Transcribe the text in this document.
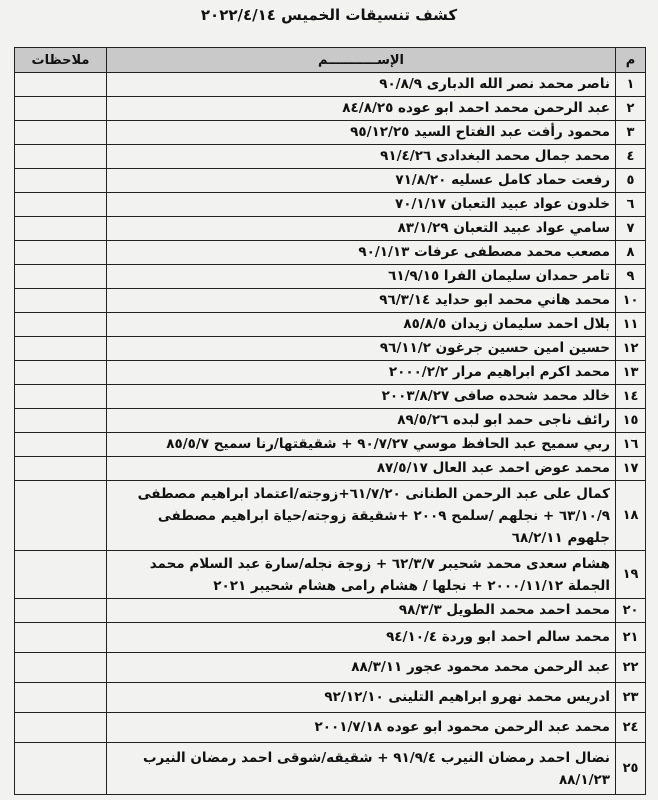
كشف تنسيقات الخميس ٢٠٢٢/٤/١٤
م	الإســـــــــــم	ملاحظات
١	ناصر محمد نصر الله الدبارى ٩٠/٨/٩	
٢	عبد الرحمن محمد احمد ابو عوده ٨٤/٨/٢٥	
٣	محمود رأفت عبد الفتاح السيد ٩٥/١٢/٢٥	
٤	محمد جمال محمد البغدادى ٩١/٤/٢٦	
٥	رفعت حماد كامل عسليه ٧١/٨/٢٠	
٦	خلدون عواد عبيد التعبان ٧٠/١/١٧	
٧	سامي عواد عبيد التعبان ٨٣/١/٢٩	
٨	مصعب محمد مصطفى عرفات ٩٠/١/١٣	
٩	تامر حمدان سليمان الفرا ٦١/٩/١٥	
١٠	محمد هاني محمد ابو حدايد ٩٦/٣/١٤	
١١	بلال احمد سليمان زيدان ٨٥/٨/٥	
١٢	حسين امين حسين جرغون ٩٦/١١/٢	
١٣	محمد اكرم ابراهيم مرار ٢٠٠٠/٢/٢	
١٤	خالد محمد شحده صافى ٢٠٠٣/٨/٢٧	
١٥	رائف ناجى حمد ابو لبده ٨٩/٥/٢٦	
١٦	ربي سميح عبد الحافظ موسي ٩٠/٧/٢٧ + شقيقتها/رنا سميح ٨٥/٥/٧	
١٧	محمد عوض احمد عبد العال ٨٧/٥/١٧	
١٨	كمال على عبد الرحمن الطنانى ٦١/٧/٢٠+زوجته/اعتماد ابراهيم مصطفى ٦٣/١٠/٩ + نجلهم /سلمح ٢٠٠٩ +شقيقة زوجته/حياة ابراهيم مصطفى جلهوم ٦٨/٢/١١	
١٩	هشام سعدى محمد شحيبر ٦٢/٣/٧ + زوجة نجله/سارة عبد السلام محمد الجملة ٢٠٠٠/١١/١٢ + نجلها / هشام رامى هشام شحيبر ٢٠٢١	
٢٠	محمد احمد محمد الطويل ٩٨/٣/٣	
٢١	محمد سالم احمد ابو وردة ٩٤/١٠/٤	
٢٢	عبد الرحمن محمد محمود عجور ٨٨/٣/١١	
٢٣	ادريس محمد نهرو ابراهيم التلينى ٩٢/١٢/١٠	
٢٤	محمد عبد الرحمن محمود ابو عوده ٢٠٠١/٧/١٨	
٢٥	نضال احمد رمضان النيرب ٩١/٩/٤ + شقيقه/شوقى احمد رمضان النيرب ٨٨/١/٢٣	
